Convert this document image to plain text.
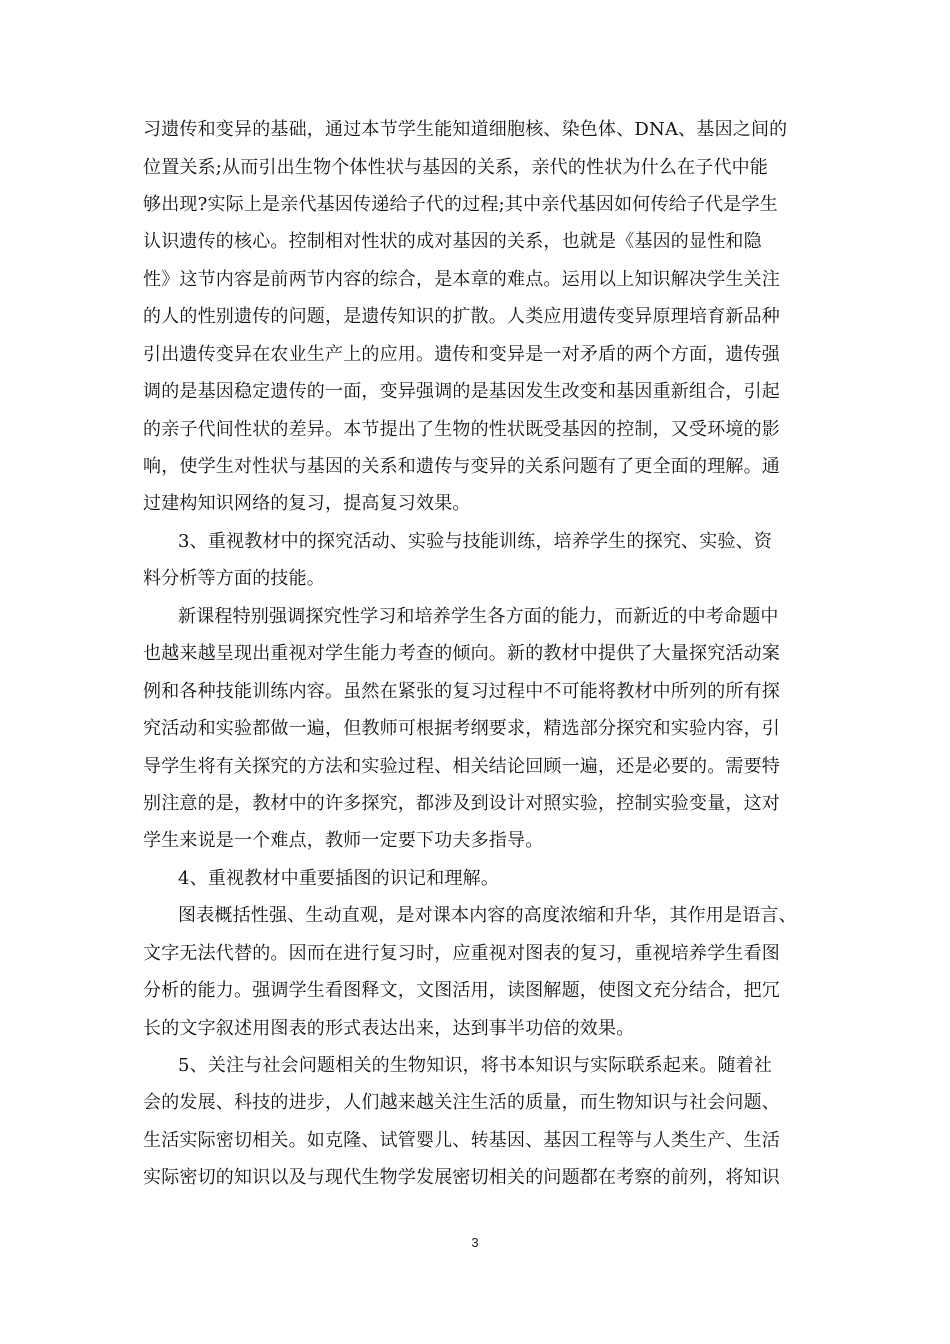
习遗传和变异的基础，通过本节学生能知道细胞核、染色体、DNA、基因之间的
位置关系;从而引出生物个体性状与基因的关系，亲代的性状为什么在子代中能
够出现?实际上是亲代基因传递给子代的过程;其中亲代基因如何传给子代是学生
认识遗传的核心。控制相对性状的成对基因的关系，也就是《基因的显性和隐
性》这节内容是前两节内容的综合，是本章的难点。运用以上知识解决学生关注
的人的性别遗传的问题，是遗传知识的扩散。人类应用遗传变异原理培育新品种
引出遗传变异在农业生产上的应用。遗传和变异是一对矛盾的两个方面，遗传强
调的是基因稳定遗传的一面，变异强调的是基因发生改变和基因重新组合，引起
的亲子代间性状的差异。本节提出了生物的性状既受基因的控制，又受环境的影
响，使学生对性状与基因的关系和遗传与变异的关系问题有了更全面的理解。通
过建构知识网络的复习，提高复习效果。
3、重视教材中的探究活动、实验与技能训练，培养学生的探究、实验、资
料分析等方面的技能。
新课程特别强调探究性学习和培养学生各方面的能力，而新近的中考命题中
也越来越呈现出重视对学生能力考查的倾向。新的教材中提供了大量探究活动案
例和各种技能训练内容。虽然在紧张的复习过程中不可能将教材中所列的所有探
究活动和实验都做一遍，但教师可根据考纲要求，精选部分探究和实验内容，引
导学生将有关探究的方法和实验过程、相关结论回顾一遍，还是必要的。需要特
别注意的是，教材中的许多探究，都涉及到设计对照实验，控制实验变量，这对
学生来说是一个难点，教师一定要下功夫多指导。
4、重视教材中重要插图的识记和理解。
图表概括性强、生动直观，是对课本内容的高度浓缩和升华，其作用是语言、
文字无法代替的。因而在进行复习时，应重视对图表的复习，重视培养学生看图
分析的能力。强调学生看图释文，文图活用，读图解题，使图文充分结合，把冗
长的文字叙述用图表的形式表达出来，达到事半功倍的效果。
5、关注与社会问题相关的生物知识，将书本知识与实际联系起来。随着社
会的发展、科技的进步，人们越来越关注生活的质量，而生物知识与社会问题、
生活实际密切相关。如克隆、试管婴儿、转基因、基因工程等与人类生产、生活
实际密切的知识以及与现代生物学发展密切相关的问题都在考察的前列，将知识
3
